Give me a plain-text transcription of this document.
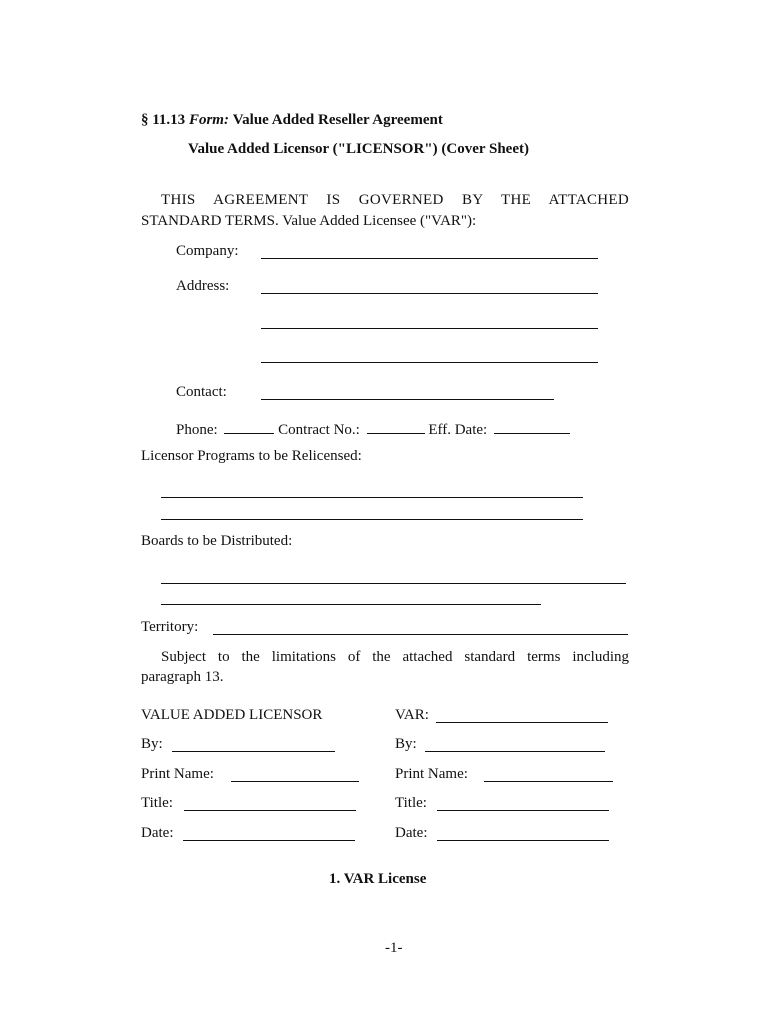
§ 11.13 Form: Value Added Reseller Agreement
Value Added Licensor ("LICENSOR") (Cover Sheet)
THIS AGREEMENT IS GOVERNED BY THE ATTACHED
STANDARD TERMS. Value Added Licensee ("VAR"):
Company:
Address:
Contact:
Phone:	Contract No.:	Eff. Date:
Licensor Programs to be Relicensed:
Boards to be Distributed:
Territory:
Subject to the limitations of the attached standard terms including
paragraph 13.
VALUE ADDED LICENSOR
By:
Print Name:
Title:
Date:
VAR:
By:
Print Name:
Title:
Date:
1. VAR License
-1-
